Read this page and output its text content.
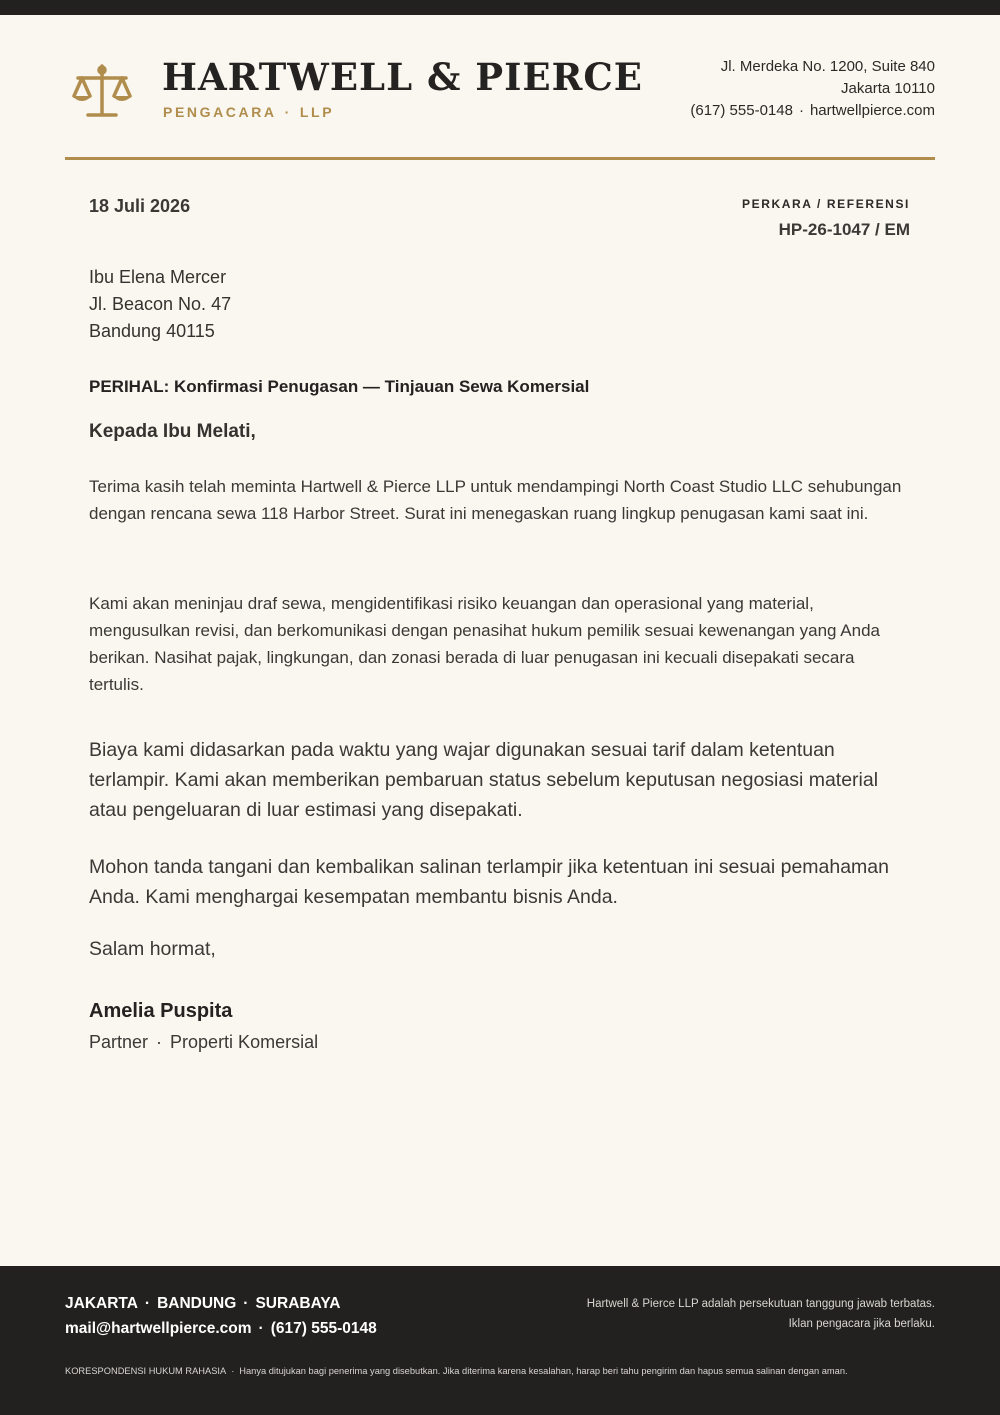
HARTWELL & PIERCE
PENGACARA · LLP
Jl. Merdeka No. 1200, Suite 840
Jakarta 10110
(617) 555-0148 · hartwellpierce.com
18 Juli 2026	PERKARA / REFERENSI
HP-26-1047 / EM
Ibu Elena Mercer
Jl. Beacon No. 47
Bandung 40115
PERIHAL: Konfirmasi Penugasan — Tinjauan Sewa Komersial
Kepada Ibu Melati,

Terima kasih telah meminta Hartwell & Pierce LLP untuk mendampingi North Coast Studio LLC sehubungan dengan rencana sewa 118 Harbor Street. Surat ini menegaskan ruang lingkup penugasan kami saat ini.

Kami akan meninjau draf sewa, mengidentifikasi risiko keuangan dan operasional yang material, mengusulkan revisi, dan berkomunikasi dengan penasihat hukum pemilik sesuai kewenangan yang Anda berikan. Nasihat pajak, lingkungan, dan zonasi berada di luar penugasan ini kecuali disepakati secara tertulis.

Biaya kami didasarkan pada waktu yang wajar digunakan sesuai tarif dalam ketentuan terlampir. Kami akan memberikan pembaruan status sebelum keputusan negosiasi material atau pengeluaran di luar estimasi yang disepakati.

Mohon tanda tangani dan kembalikan salinan terlampir jika ketentuan ini sesuai pemahaman Anda. Kami menghargai kesempatan membantu bisnis Anda.

Salam hormat,
Amelia Puspita
Partner · Properti Komersial
JAKARTA · BANDUNG · SURABAYA
mail@hartwellpierce.com · (617) 555-0148
Hartwell & Pierce LLP adalah persekutuan tanggung jawab terbatas.
Iklan pengacara jika berlaku.
KORESPONDENSI HUKUM RAHASIA · Hanya ditujukan bagi penerima yang disebutkan. Jika diterima karena kesalahan, harap beri tahu pengirim dan hapus semua salinan dengan aman.
